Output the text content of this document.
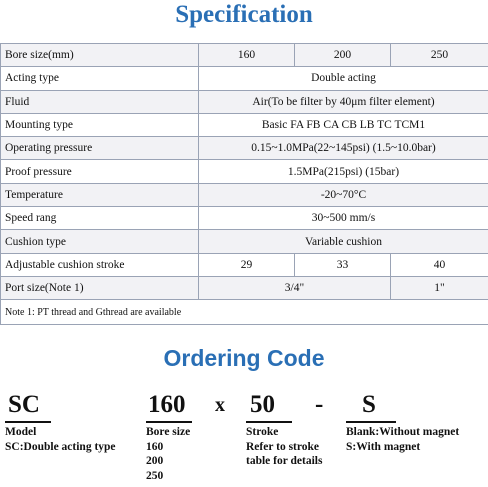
Specification
Bore size(mm)	160	200	250
Acting type	Double acting		
Fluid	Air(To be filter by 40μm filter element)		
Mounting type	Basic FA FB CA CB LB TC TCM1		
Operating pressure	0.15~1.0MPa(22~145psi) (1.5~10.0bar)		
Proof pressure	1.5MPa(215psi) (15bar)		
Temperature	-20~70°C		
Speed rang	30~500 mm/s		
Cushion type	Variable cushion		
Adjustable cushion stroke	29	33	40
Port size(Note 1)	3/4"		1"
Note 1: PT thread and Gthread are available			
Ordering Code
SC	160 x 50 - S
Model
SC:Double acting type
Bore size
160
200
250
Stroke
Refer to stroke
table for details
Blank:Without magnet
S:With magnet
